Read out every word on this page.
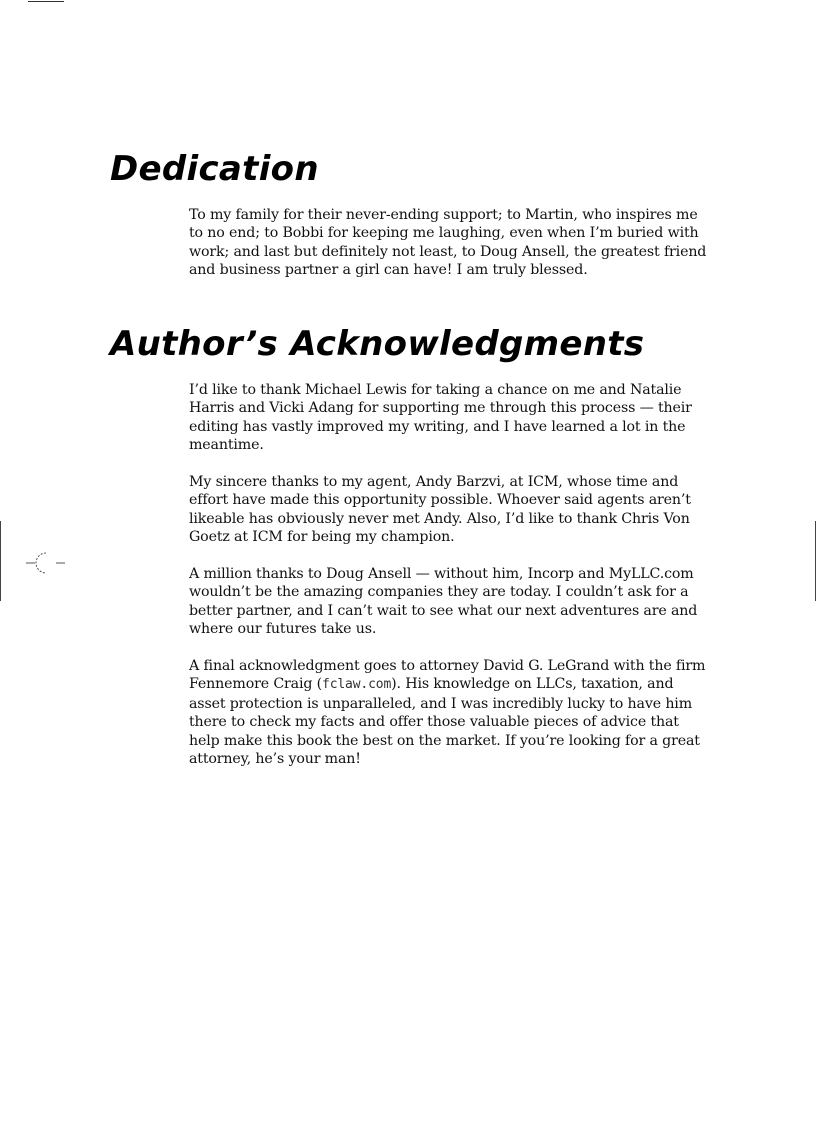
Dedication

To my family for their never-ending support; to Martin, who inspires me to no end; to Bobbi for keeping me laughing, even when I’m buried with work; and last but definitely not least, to Doug Ansell, the greatest friend and business partner a girl can have! I am truly blessed.

Author’s Acknowledgments

I’d like to thank Michael Lewis for taking a chance on me and Natalie Harris and Vicki Adang for supporting me through this process — their editing has vastly improved my writing, and I have learned a lot in the meantime.

My sincere thanks to my agent, Andy Barzvi, at ICM, whose time and effort have made this opportunity possible. Whoever said agents aren’t likeable has obviously never met Andy. Also, I’d like to thank Chris Von Goetz at ICM for being my champion.

A million thanks to Doug Ansell — without him, Incorp and MyLLC.com wouldn’t be the amazing companies they are today. I couldn’t ask for a better partner, and I can’t wait to see what our next adventures are and where our futures take us.

A final acknowledgment goes to attorney David G. LeGrand with the firm Fennemore Craig (fclaw.com). His knowledge on LLCs, taxation, and asset protection is unparalleled, and I was incredibly lucky to have him there to check my facts and offer those valuable pieces of advice that help make this book the best on the market. If you’re looking for a great attorney, he’s your man!
